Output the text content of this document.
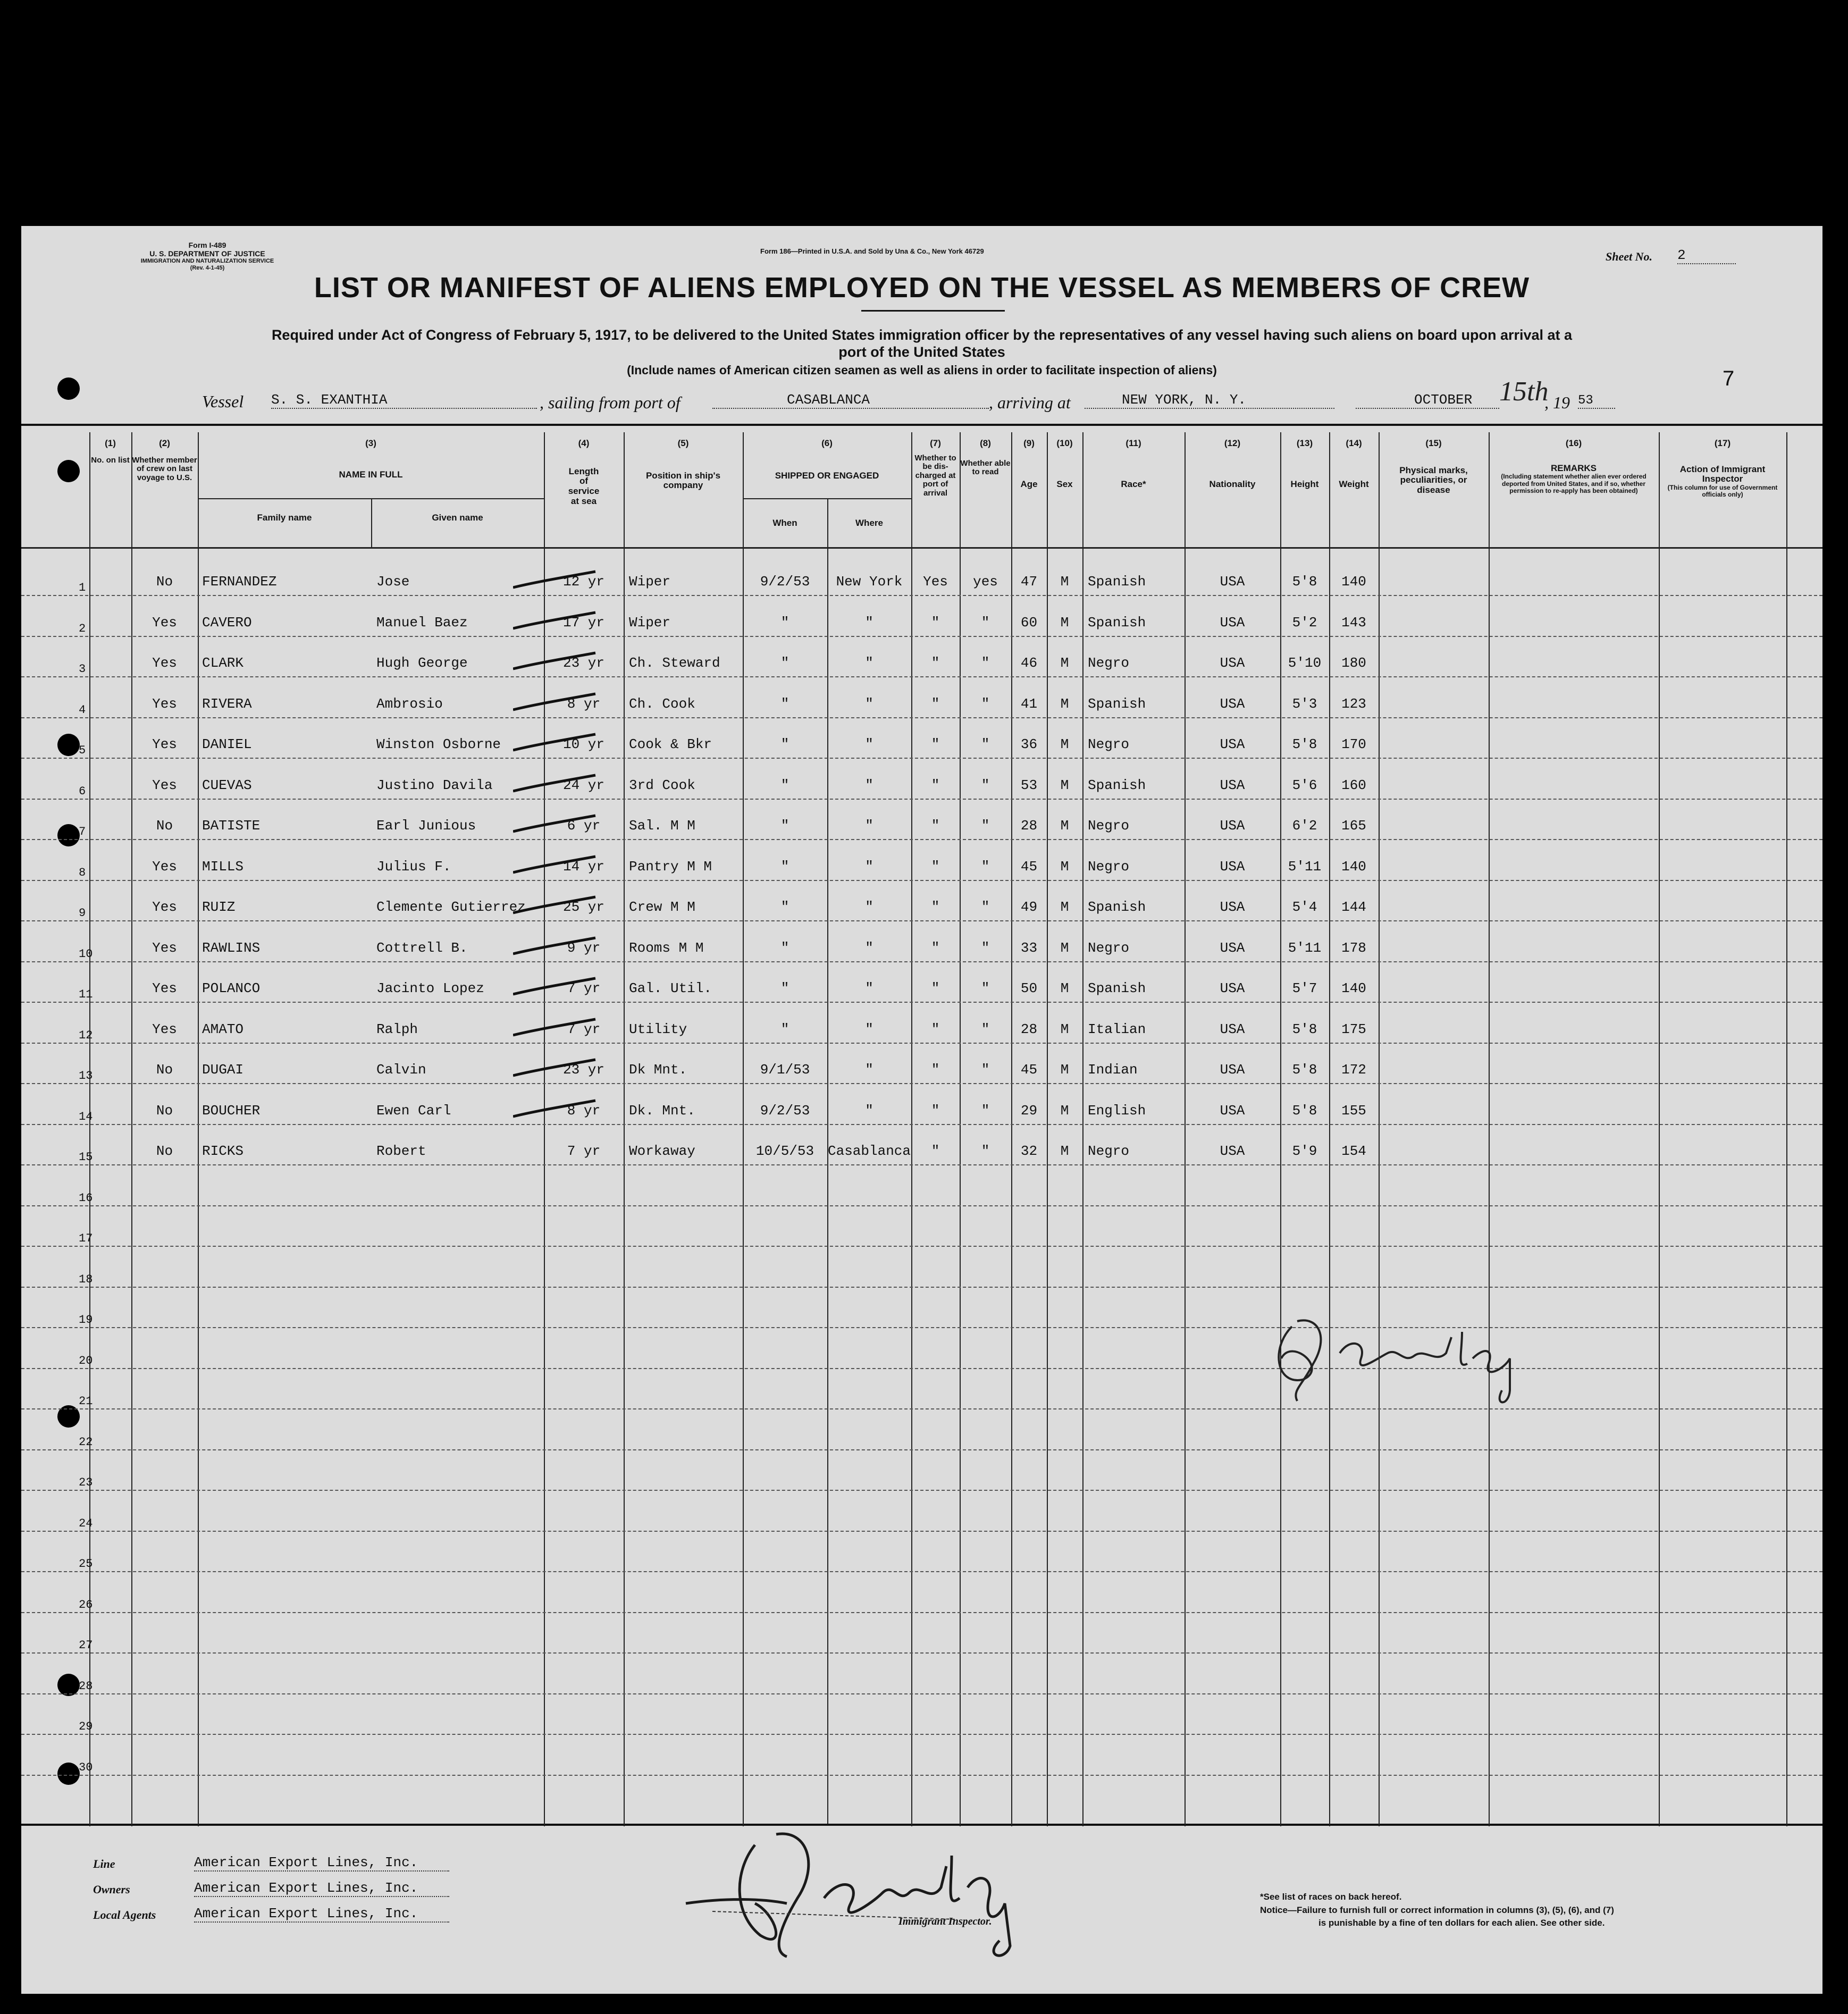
Form I-489
U. S. DEPARTMENT OF JUSTICE
IMMIGRATION AND NATURALIZATION SERVICE
(Rev. 4-1-45)
Form 186—Printed in U.S.A. and Sold by Una & Co., New York 46729	Sheet No. 2
7
LIST OR MANIFEST OF ALIENS EMPLOYED ON THE VESSEL AS MEMBERS OF CREW
Required under Act of Congress of February 5, 1917, to be delivered to the United States immigration officer by the representatives of any vessel having such aliens on board upon arrival at a
port of the United States
(Include names of American citizen seamen as well as aliens in order to facilitate inspection of aliens)
Vessel S. S. EXANTHIA	, sailing from port of	CASABLANCA	, arriving at	NEW YORK, N. Y.	OCTOBER 15th
, 19 53
(1)
No. on list
(2)
Whether member of crew on last voyage to U.S.
(3)
NAME IN FULL
Family name	Given name
(4)
Length of service at sea
(5)
Position in ship's company
(6)
SHIPPED OR ENGAGED
When	Where
(7)
Whether to be dis-charged at port of arrival
(8)
Whether able to read
(9)
Age
(10)
Sex
(11)
Race*
(12)
Nationality
(13)
Height
(14)
Weight
(15)
Physical marks, peculiarities, or disease
(16)
REMARKS
(Including statement whether alien ever ordered deported from United States, and if so, whether permission to re-apply has been obtained)
(17)
Action of Immigrant Inspector
(This column for use of Government officials only)
1	No	FERNANDEZ	Jose	12 yr	Wiper	9/2/53	New York	Yes	yes	47	M	Spanish	USA	5'8	140
2	Yes	CAVERO	Manuel Baez	17 yr	Wiper	"	"	"	"	60	M	Spanish	USA	5'2	143
3	Yes	CLARK	Hugh George	23 yr	Ch. Steward	"	"	"	"	46	M	Negro	USA	5'10	180
4	Yes	RIVERA	Ambrosio	8 yr	Ch. Cook	"	"	"	"	41	M	Spanish	USA	5'3	123
5	Yes	DANIEL	Winston Osborne	10 yr	Cook & Bkr	"	"	"	"	36	M	Negro	USA	5'8	170
6	Yes	CUEVAS	Justino Davila	24 yr	3rd Cook	"	"	"	"	53	M	Spanish	USA	5'6	160
7	No	BATISTE	Earl Junious	6 yr	Sal. M M	"	"	"	"	28	M	Negro	USA	6'2	165
8	Yes	MILLS	Julius F.	14 yr	Pantry M M	"	"	"	"	45	M	Negro	USA	5'11	140
9	Yes	RUIZ	Clemente Gutierrez	25 yr	Crew M M	"	"	"	"	49	M	Spanish	USA	5'4	144
10	Yes	RAWLINS	Cottrell B.	9 yr	Rooms M M	"	"	"	"	33	M	Negro	USA	5'11	178
11	Yes	POLANCO	Jacinto Lopez	7 yr	Gal. Util.	"	"	"	"	50	M	Spanish	USA	5'7	140
12	Yes	AMATO	Ralph	7 yr	Utility	"	"	"	"	28	M	Italian	USA	5'8	175
13	No	DUGAI	Calvin	23 yr	Dk Mnt.	9/1/53	"	"	"	45	M	Indian	USA	5'8	172
14	No	BOUCHER	Ewen Carl	8 yr	Dk. Mnt.	9/2/53	"	"	"	29	M	English	USA	5'8	155
15	No	RICKS	Robert	7 yr	Workaway	10/5/53 Casablanca	"	"	32	M	Negro	USA	5'9	154
16
17
18
19
20
21
22
23
24
25
26
27
28
29
30
Line	American Export Lines, Inc.
Owners	American Export Lines, Inc.
Local Agents	American Export Lines, Inc.	Immigrant Inspector.
*See list of races on back hereof.
Notice—Failure to furnish full or correct information in columns (3), (5), (6), and (7)
is punishable by a fine of ten dollars for each alien. See other side.
